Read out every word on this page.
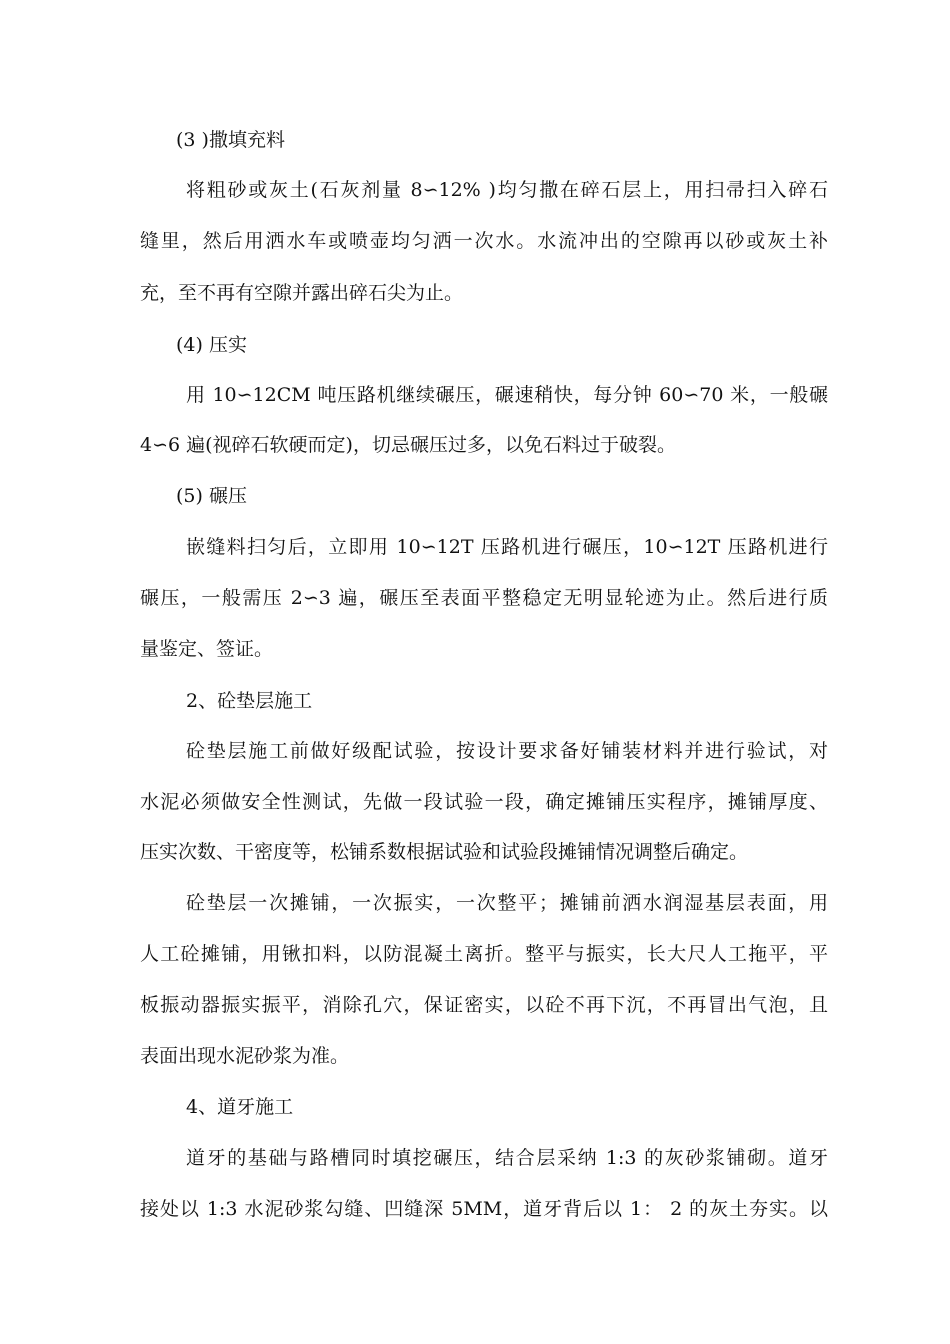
(3 )撒填充料
将粗砂或灰土(石灰剂量 8∽12% )均匀撒在碎石层上，用扫帚扫入碎石
缝里，然后用洒水车或喷壶均匀洒一次水。水流冲出的空隙再以砂或灰土补
充，至不再有空隙并露出碎石尖为止。
(4) 压实
用 10∽12CM 吨压路机继续碾压，碾速稍快，每分钟 60∽70 米，一般碾
4∽6 遍(视碎石软硬而定)，切忌碾压过多，以免石料过于破裂。
(5) 碾压
嵌缝料扫匀后，立即用 10∽12T 压路机进行碾压，10∽12T 压路机进行
碾压，一般需压 2∽3 遍，碾压至表面平整稳定无明显轮迹为止。然后进行质
量鉴定、签证。
2、砼垫层施工
砼垫层施工前做好级配试验，按设计要求备好铺装材料并进行验试，对
水泥必须做安全性测试，先做一段试验一段，确定摊铺压实程序，摊铺厚度、
压实次数、干密度等，松铺系数根据试验和试验段摊铺情况调整后确定。
砼垫层一次摊铺，一次振实，一次整平；摊铺前洒水润湿基层表面，用
人工砼摊铺，用锹扣料，以防混凝土离折。整平与振实，长大尺人工拖平，平
板振动器振实振平，消除孔穴，保证密实，以砼不再下沉，不再冒出气泡，且
表面出现水泥砂浆为准。
4、道牙施工
道牙的基础与路槽同时填挖碾压，结合层采纳 1:3 的灰砂浆铺砌。道牙
接处以 1:3 水泥砂浆勾缝、凹缝深 5MM，道牙背后以 1： 2 的灰土夯实。以
